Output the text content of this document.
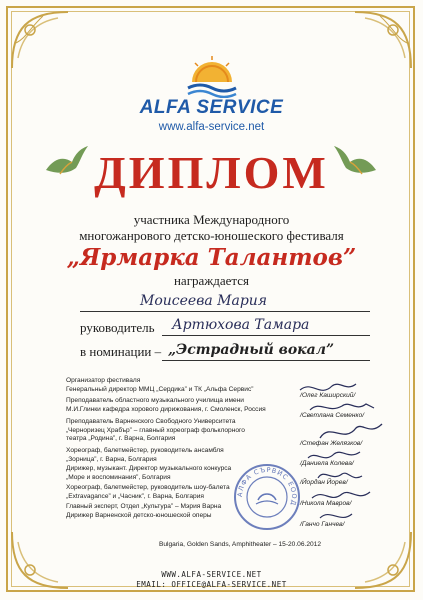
ALFA SERVICE
www.alfa-service.net
ДИПЛОМ
участника Международного
многожанрового детско-юношеского фестиваля
„Ярмарка Талантов”
награждается
Моисеева Мария
руководитель Артюхова Тамара
в номинации – „Эстрадный вокал”
Организатор фестиваля
Генеральный директор ММЦ „Сердика” и ТК „Альфа Сервис”
/Олег Каширский/
Преподаватель областного музыкального училища имени
М.И.Глинки кафедра хорового дирижования, г. Смоленск, Россия
/Светлана Семенко/
Преподаватель Варненского Свободного Университета
„Черноризец Храбър” – главный хореограф фольклорного
театра „Родина”, г. Варна, Болгария
/Стефан Желязков/
Хореограф, балетмейстер, руководитель ансамбля
„Зорница”, г. Варна, Болгария
/Даниела Колева/
Дирижер, музыкант. Директор музыкального конкурса
„Море и воспоминания”, Болгария
/Йордан Йорев/
Хореограф, балетмейстер, руководитель шоу-балета
„Extravagance” и „Часник”, г. Варна, Болгария
/Никола Мавров/
Главный эксперт, Отдел „Культура” – Мэрия Варна
Дирижер Варненской детско-юношеской оперы
/Ганчо Ганчев/
АЛФА СЪРВИС ЕООД
Bulgaria, Golden Sands, Amphitheater – 15-20.06.2012
WWW.ALFA-SERVICE.NET
EMAIL: OFFICE@ALFA-SERVICE.NET
